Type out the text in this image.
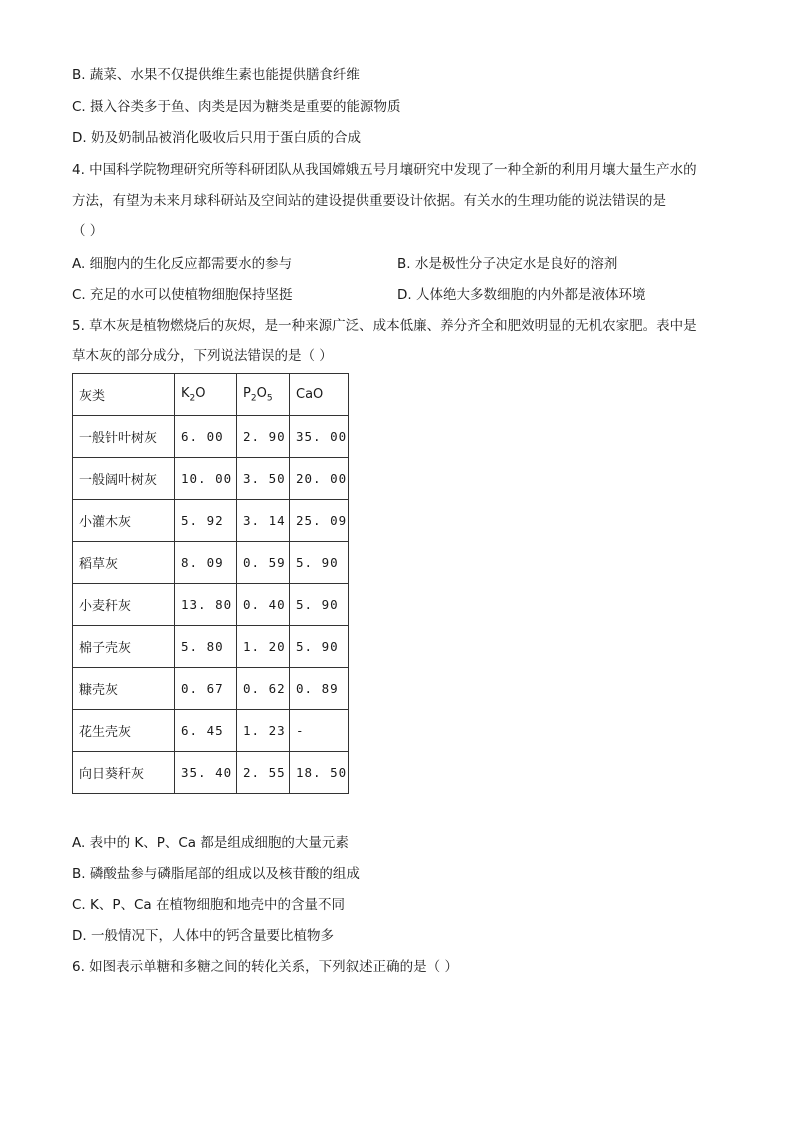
B. 蔬菜、水果不仅提供维生素也能提供膳食纤维
C. 摄入谷类多于鱼、肉类是因为糖类是重要的能源物质
D. 奶及奶制品被消化吸收后只用于蛋白质的合成
4. 中国科学院物理研究所等科研团队从我国嫦娥五号月壤研究中发现了一种全新的利用月壤大量生产水的
方法，有望为未来月球科研站及空间站的建设提供重要设计依据。有关水的生理功能的说法错误的是
（ ）
A. 细胞内的生化反应都需要水的参与	B. 水是极性分子决定水是良好的溶剂
C. 充足的水可以使植物细胞保持坚挺	D. 人体绝大多数细胞的内外都是液体环境
5. 草木灰是植物燃烧后的灰烬，是一种来源广泛、成本低廉、养分齐全和肥效明显的无机农家肥。表中是
草木灰的部分成分，下列说法错误的是（ ）
灰类	$K_2O$	$P_2O_5$	CaO
一般针叶树灰	6. 00	2. 90	35. 00
一般阔叶树灰	10. 00	3. 50	20. 00
小灌木灰	5. 92	3. 14	25. 09
稻草灰	8. 09	0. 59	5. 90
小麦秆灰	13. 80	0. 40	5. 90
棉子壳灰	5. 80	1. 20	5. 90
糠壳灰	0. 67	0. 62	0. 89
花生壳灰	6. 45	1. 23	-
向日葵秆灰	35. 40	2. 55	18. 50
A. 表中的 K、P、Ca 都是组成细胞的大量元素
B. 磷酸盐参与磷脂尾部的组成以及核苷酸的组成
C. K、P、Ca 在植物细胞和地壳中的含量不同
D. 一般情况下，人体中的钙含量要比植物多
6. 如图表示单糖和多糖之间的转化关系，下列叙述正确的是（ ）
